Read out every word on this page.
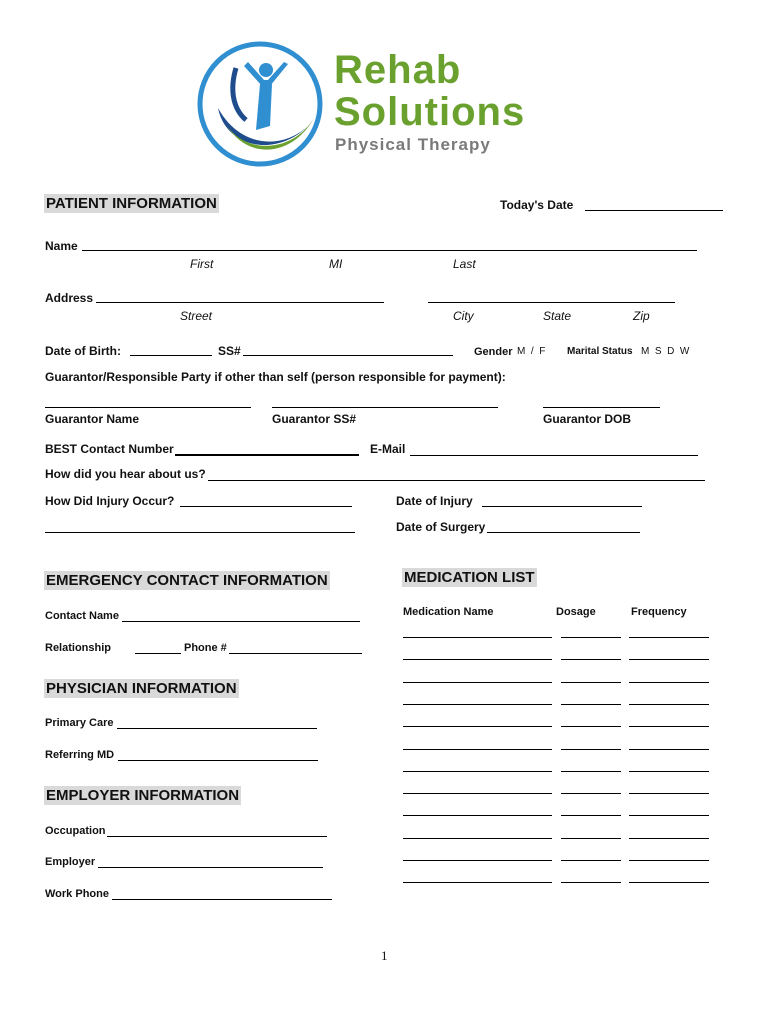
Rehab
Solutions
Physical Therapy
PATIENT INFORMATION	Today's Date
Name
First	MI	Last
Address
Street	City	State	Zip
Date of Birth:	SS#	Gender M  /  F Marital Status M  S  D  W
Guarantor/Responsible Party if other than self (person responsible for payment):
Guarantor Name	Guarantor SS#	Guarantor DOB
BEST Contact Number	E-Mail
How did you hear about us?
How Did Injury Occur?	Date of Injury
Date of Surgery
EMERGENCY CONTACT INFORMATION
Contact Name
Relationship	Phone #
PHYSICIAN INFORMATION
Primary Care
Referring MD
EMPLOYER INFORMATION
Occupation
Employer
Work Phone
MEDICATION LIST
Medication Name	Dosage	Frequency
1
